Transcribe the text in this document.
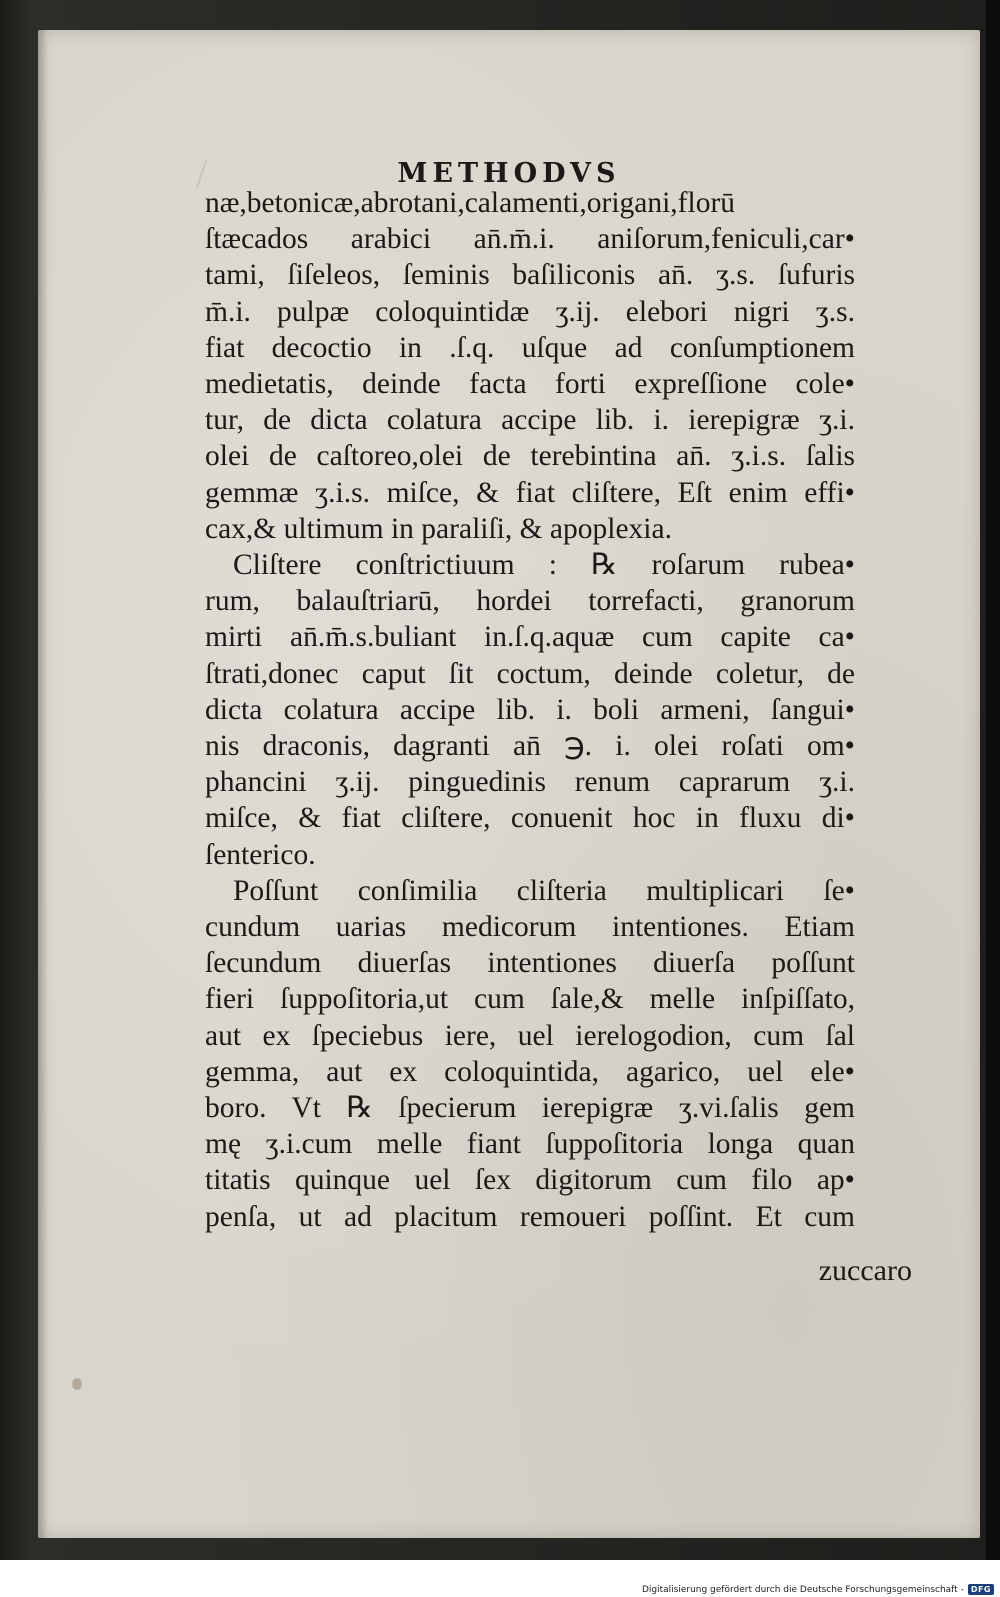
METHODVS
/
næ,betonicæ,abrotani,calamenti,origani,florū
ſtæcados arabici an̄.m̄.i. aniſorum,feniculi,car•
tami, ſiſeleos, ſeminis baſiliconis an̄. ʒ.s. ſufuris
m̄.i. pulpæ coloquintidæ ʒ.ij. elebori nigri ʒ.s.
fiat decoctio in .ſ.q. uſque ad conſumptionem
medietatis, deinde facta forti expreſſione cole•
tur, de dicta colatura accipe lib. i. ierepigræ ʒ.i.
olei de caſtoreo,olei de terebintina an̄. ʒ.i.s. ſalis
gemmæ ʒ.i.s. miſce, & fiat cliſtere, Eſt enim effi•
cax,& ultimum in paraliſi, & apoplexia.
Cliſtere conſtrictiuum : ℞ roſarum rubea•
rum, balauſtriarū, hordei torrefacti, granorum
mirti an̄.m̄.s.buliant in.ſ.q.aquæ cum capite ca•
ſtrati,donec caput ſit coctum, deinde coletur, de
dicta colatura accipe lib. i. boli armeni, ſangui•
nis draconis, dagranti an̄ ℈. i. olei roſati om•
phancini ʒ.ij. pinguedinis renum caprarum ʒ.i.
miſce, & fiat cliſtere, conuenit hoc in fluxu di•
ſenterico.
Poſſunt conſimilia cliſteria multiplicari ſe•
cundum uarias medicorum intentiones. Etiam
ſecundum diuerſas intentiones diuerſa poſſunt
fieri ſuppoſitoria,ut cum ſale,& melle inſpiſſato,
aut ex ſpeciebus iere, uel ierelogodion, cum ſal
gemma, aut ex coloquintida, agarico, uel ele•
boro. Vt ℞ ſpecierum ierepigræ ʒ.vi.ſalis gem
mę ʒ.i.cum melle fiant ſuppoſitoria longa quan
titatis quinque uel ſex digitorum cum filo ap•
penſa, ut ad placitum remoueri poſſint. Et cum
zuccaro
Digitalisierung gefördert durch die Deutsche Forschungsgemeinschaft - DFG
